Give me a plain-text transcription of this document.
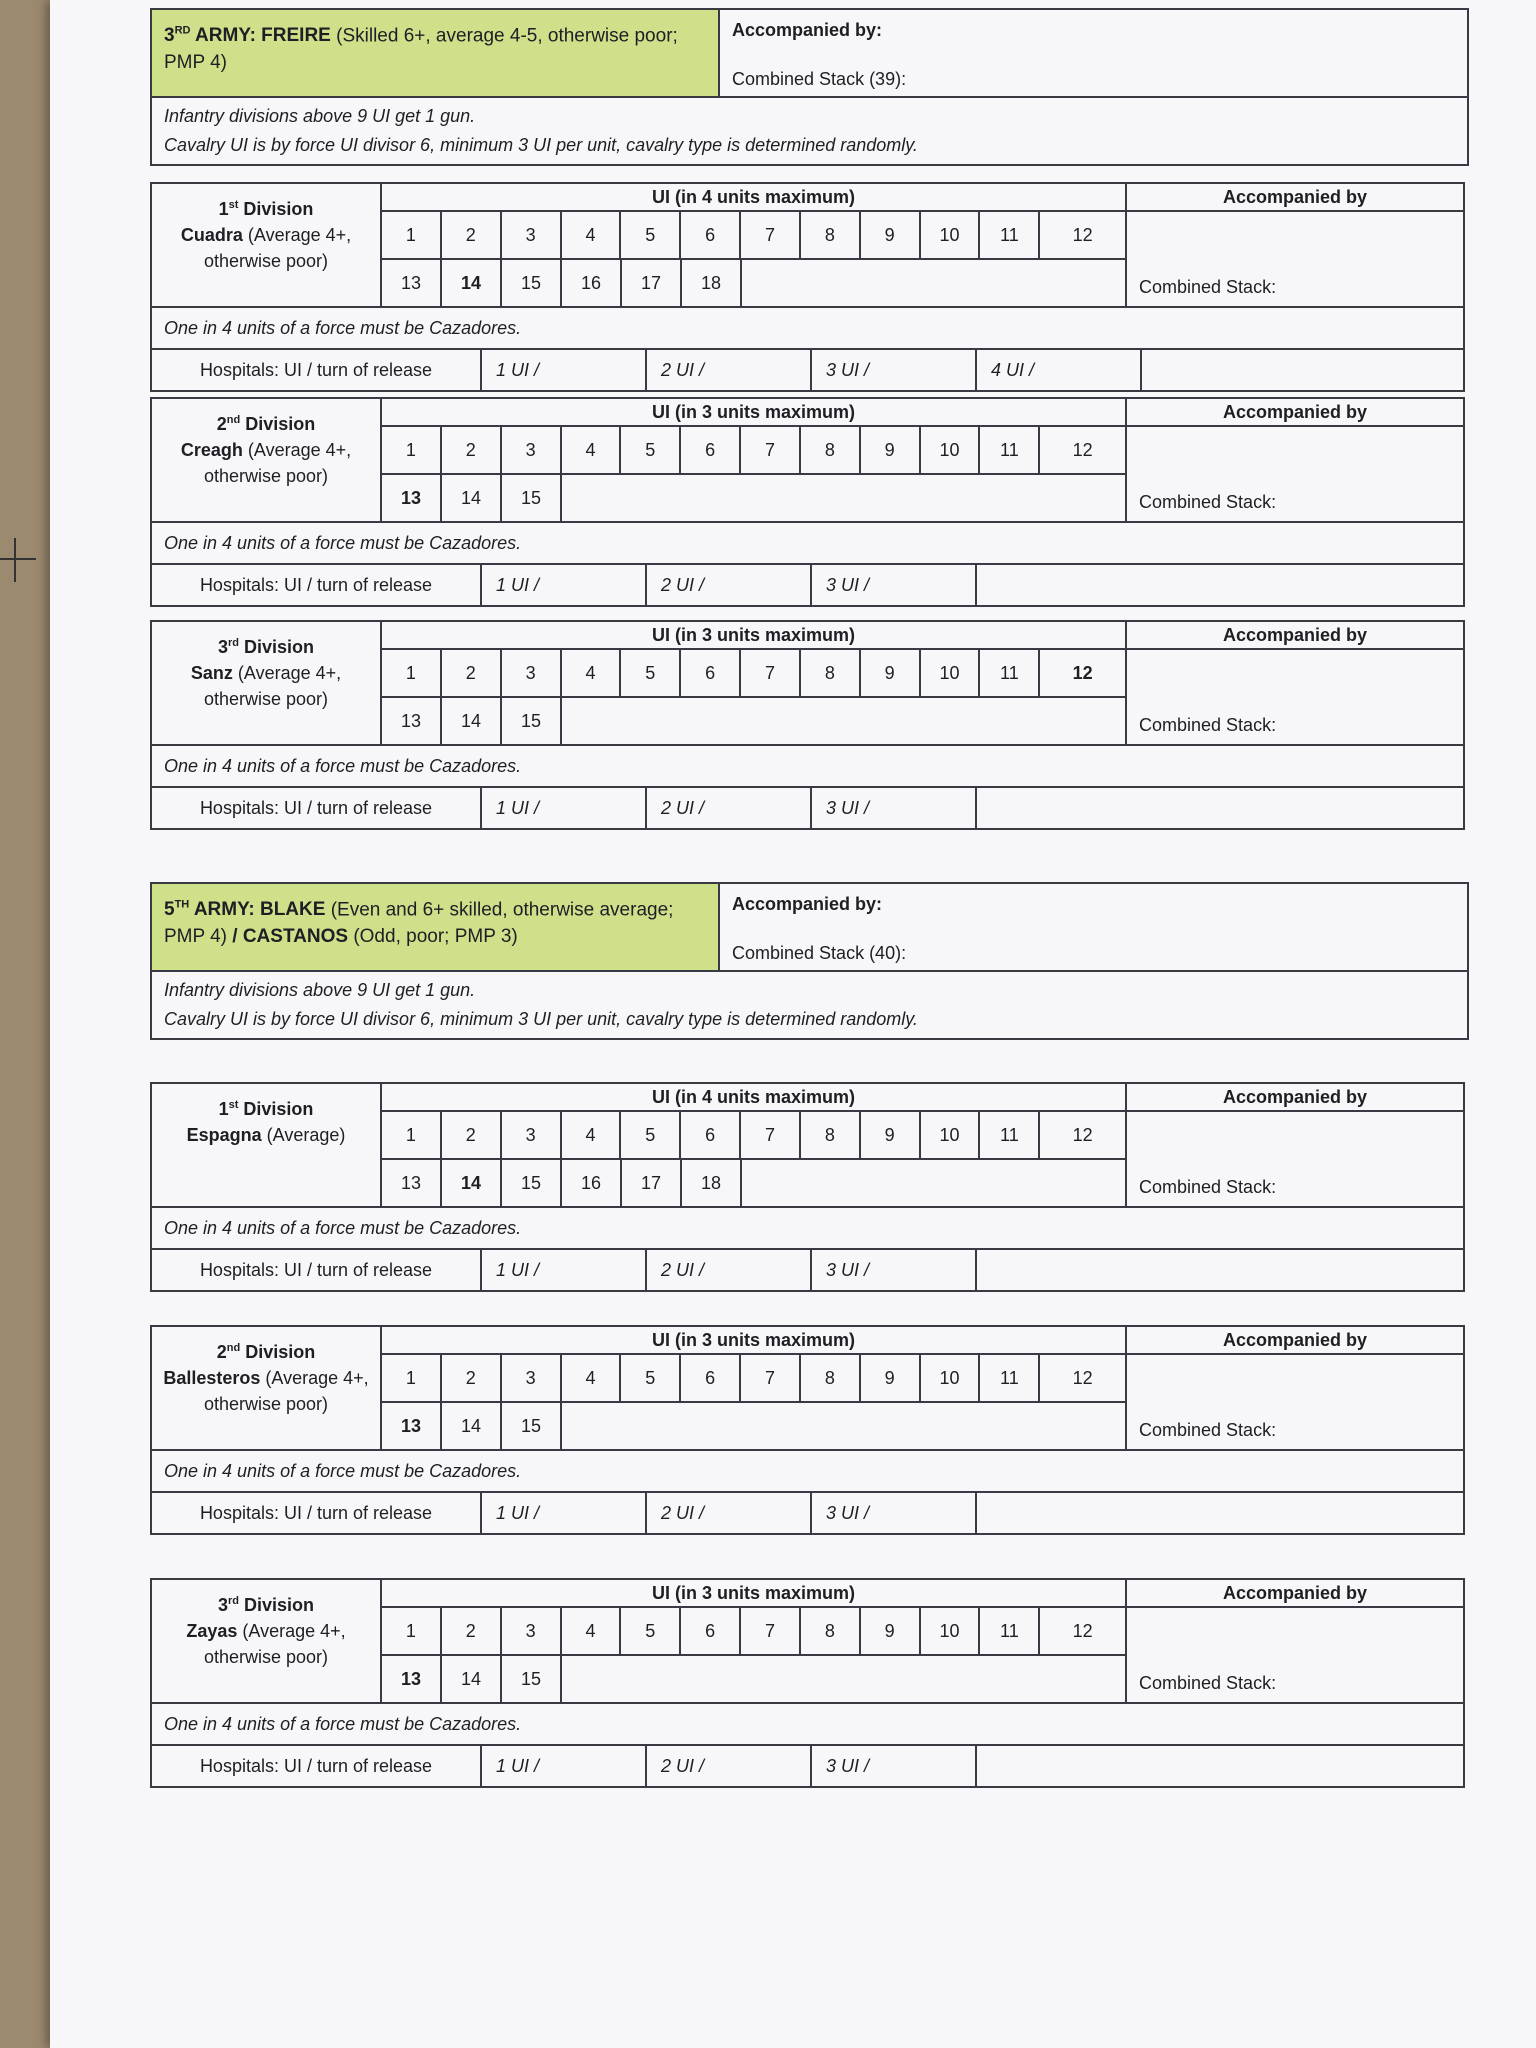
3RD ARMY: FREIRE (Skilled 6+, average 4-5, otherwise poor; PMP 4)
Accompanied by:
Combined Stack (39):
Infantry divisions above 9 UI get 1 gun.
Cavalry UI is by force UI divisor 6, minimum 3 UI per unit, cavalry type is determined randomly.
5TH ARMY: BLAKE (Even and 6+ skilled, otherwise average; PMP 4) / CASTANOS (Odd, poor; PMP 3)
Accompanied by:
Combined Stack (40):
Infantry divisions above 9 UI get 1 gun.
Cavalry UI is by force UI divisor 6, minimum 3 UI per unit, cavalry type is determined randomly.
1st Division
Cuadra (Average 4+, otherwise poor)
UI (in 4 units maximum)
1	2	3	4	5	6	7	8	9	10	11	12
13	14	15	16	17	18
Accompanied by
Combined Stack:
One in 4 units of a force must be Cazadores.
Hospitals: UI / turn of release	1 UI /	2 UI /	3 UI /	4 UI /
2nd Division
Creagh (Average 4+, otherwise poor)
UI (in 3 units maximum)
1	2	3	4	5	6	7	8	9	10	11	12
13	14	15
Accompanied by
Combined Stack:
One in 4 units of a force must be Cazadores.
Hospitals: UI / turn of release	1 UI /	2 UI /	3 UI /
3rd Division
Sanz (Average 4+, otherwise poor)
UI (in 3 units maximum)
1	2	3	4	5	6	7	8	9	10	11	12
13	14	15
Accompanied by
Combined Stack:
One in 4 units of a force must be Cazadores.
Hospitals: UI / turn of release	1 UI /	2 UI /	3 UI /
1st Division
Espagna (Average)
UI (in 4 units maximum)
1	2	3	4	5	6	7	8	9	10	11	12
13	14	15	16	17	18
Accompanied by
Combined Stack:
One in 4 units of a force must be Cazadores.
Hospitals: UI / turn of release	1 UI /	2 UI /	3 UI /
2nd Division
Ballesteros (Average 4+, otherwise poor)
UI (in 3 units maximum)
1	2	3	4	5	6	7	8	9	10	11	12
13	14	15
Accompanied by
Combined Stack:
One in 4 units of a force must be Cazadores.
Hospitals: UI / turn of release	1 UI /	2 UI /	3 UI /
3rd Division
Zayas (Average 4+, otherwise poor)
UI (in 3 units maximum)
1	2	3	4	5	6	7	8	9	10	11	12
13	14	15
Accompanied by
Combined Stack:
One in 4 units of a force must be Cazadores.
Hospitals: UI / turn of release	1 UI /	2 UI /	3 UI /
